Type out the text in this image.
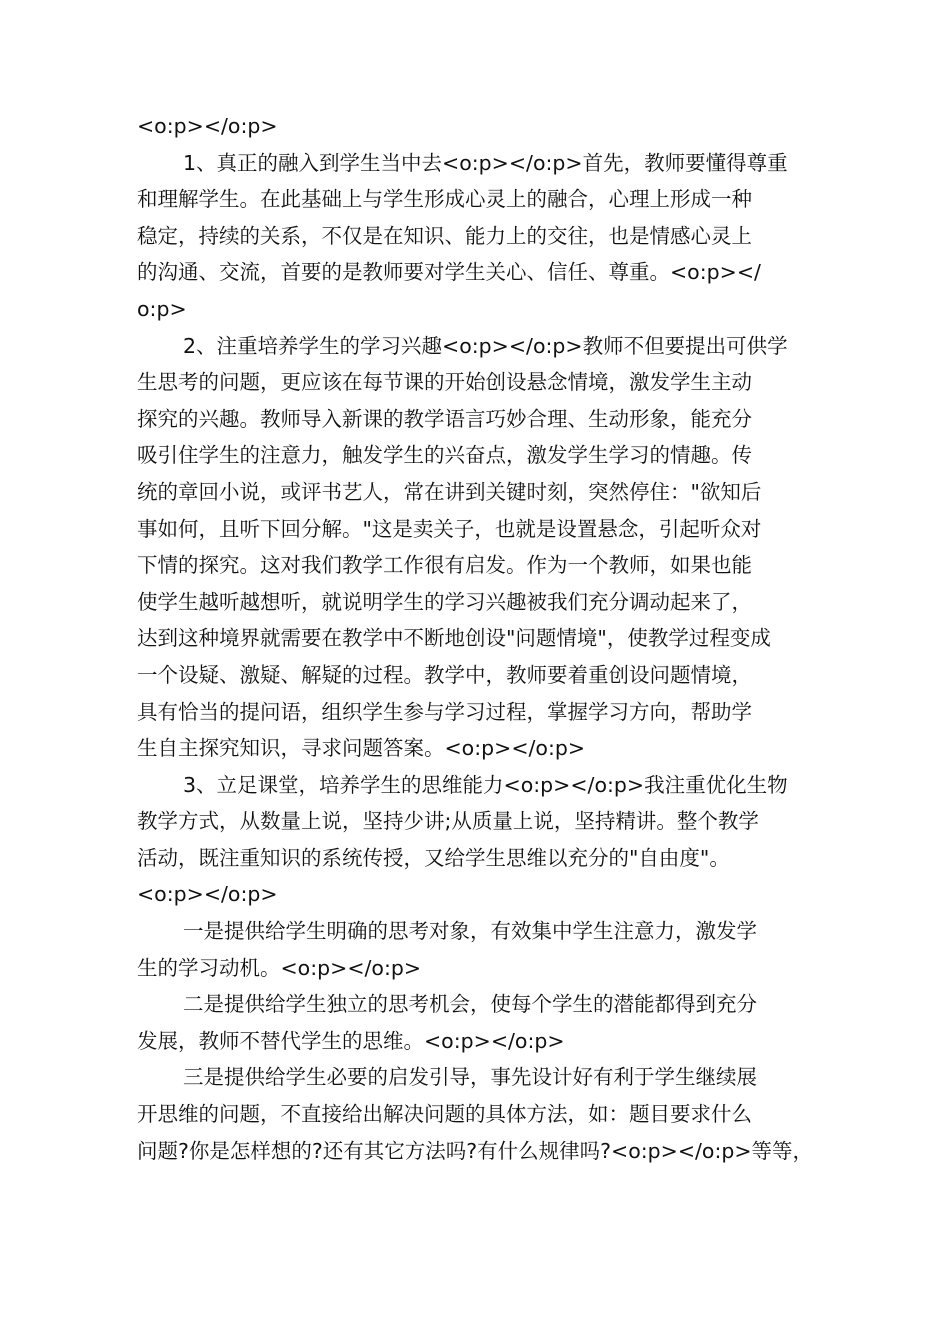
<o:p></o:p>
1、真正的融入到学生当中去<o:p></o:p>首先，教师要懂得尊重
和理解学生。在此基础上与学生形成心灵上的融合，心理上形成一种
稳定，持续的关系，不仅是在知识、能力上的交往，也是情感心灵上
的沟通、交流，首要的是教师要对学生关心、信任、尊重。<o:p></
o:p>
2、注重培养学生的学习兴趣<o:p></o:p>教师不但要提出可供学
生思考的问题，更应该在每节课的开始创设悬念情境，激发学生主动
探究的兴趣。教师导入新课的教学语言巧妙合理、生动形象，能充分
吸引住学生的注意力，触发学生的兴奋点，激发学生学习的情趣。传
统的章回小说，或评书艺人，常在讲到关键时刻，突然停住："欲知后
事如何，且听下回分解。"这是卖关子，也就是设置悬念，引起听众对
下情的探究。这对我们教学工作很有启发。作为一个教师，如果也能
使学生越听越想听，就说明学生的学习兴趣被我们充分调动起来了，
达到这种境界就需要在教学中不断地创设"问题情境"，使教学过程变成
一个设疑、激疑、解疑的过程。教学中，教师要着重创设问题情境，
具有恰当的提问语，组织学生参与学习过程，掌握学习方向，帮助学
生自主探究知识，寻求问题答案。<o:p></o:p>
3、立足课堂，培养学生的思维能力<o:p></o:p>我注重优化生物
教学方式，从数量上说，坚持少讲;从质量上说，坚持精讲。整个教学
活动，既注重知识的系统传授，又给学生思维以充分的"自由度"。
<o:p></o:p>
一是提供给学生明确的思考对象，有效集中学生注意力，激发学
生的学习动机。<o:p></o:p>
二是提供给学生独立的思考机会，使每个学生的潜能都得到充分
发展，教师不替代学生的思维。<o:p></o:p>
三是提供给学生必要的启发引导，事先设计好有利于学生继续展
开思维的问题，不直接给出解决问题的具体方法，如：题目要求什么
问题?你是怎样想的?还有其它方法吗?有什么规律吗?<o:p></o:p>等等，
